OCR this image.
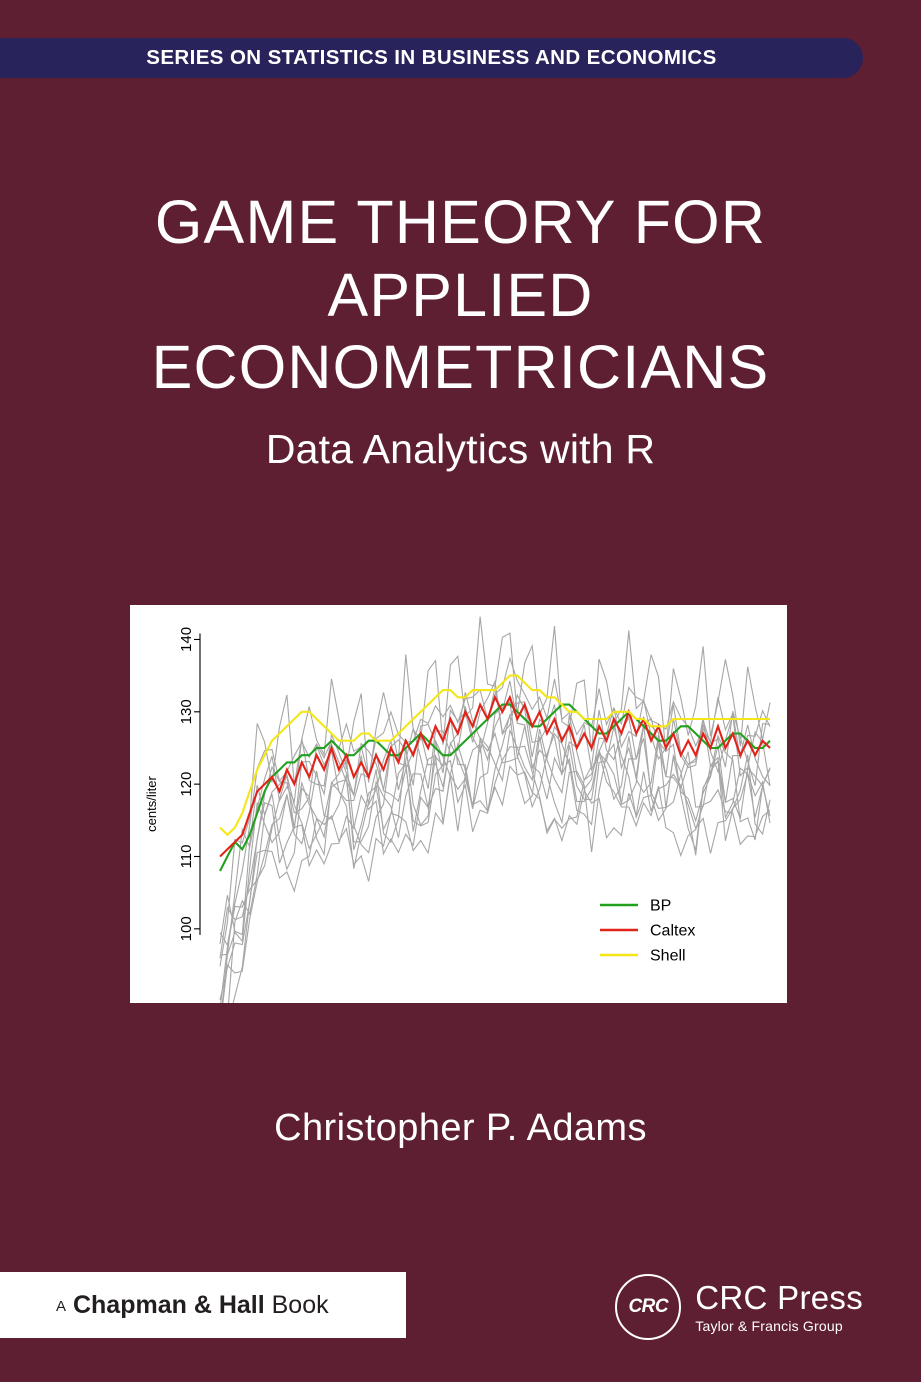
SERIES ON STATISTICS IN BUSINESS AND ECONOMICS
GAME THEORY FOR
APPLIED
ECONOMETRICIANS
Data Analytics with R
100
110
120
130
140
BP
Caltex
Shell
cents/liter
Christopher P. Adams
A Chapman & Hall Book	CRC CRC Press
Taylor & Francis Group
